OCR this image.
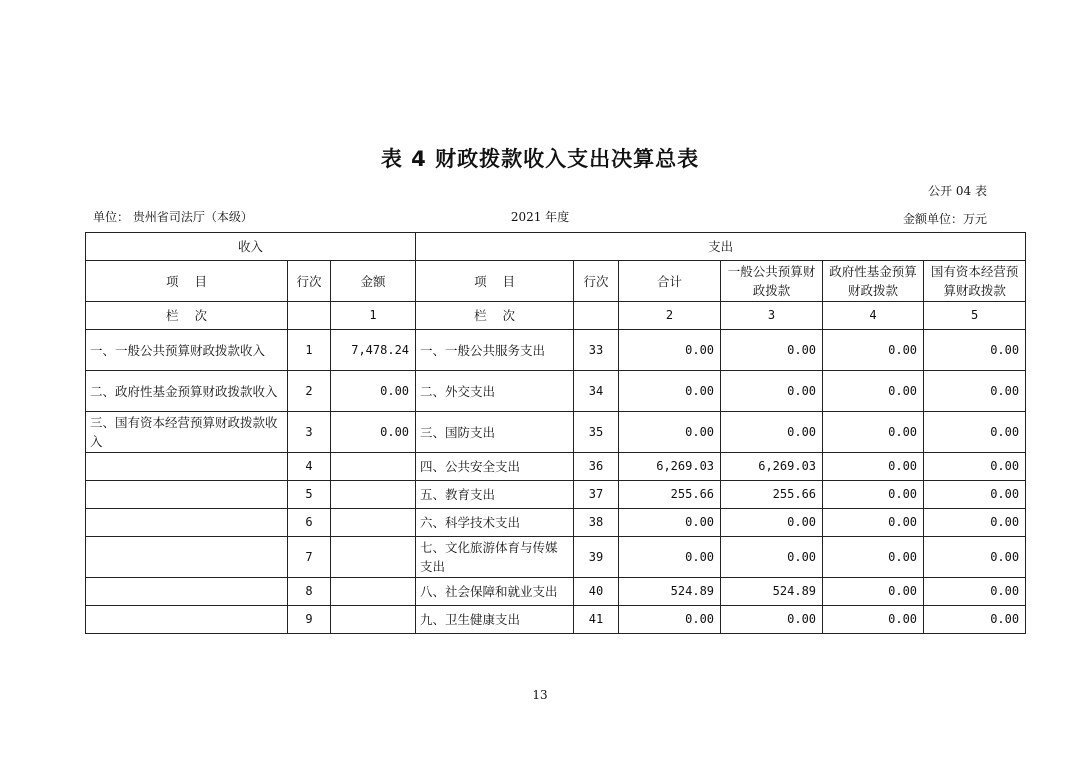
表 4 财政拨款收入支出决算总表
公开 04 表
单位： 贵州省司法厅（本级）	2021 年度	金额单位：万元
收入			支出					
项    目	行次	金额	项    目	行次	合计	一般公共预算财政拨款	政府性基金预算财政拨款	国有资本经营预算财政拨款
栏    次		1	栏    次		2	3	4	5
一、一般公共预算财政拨款收入	1	7,478.24	一、一般公共服务支出	33	0.00	0.00	0.00	0.00
二、政府性基金预算财政拨款收入	2	0.00	二、外交支出	34	0.00	0.00	0.00	0.00
三、国有资本经营预算财政拨款收入	3	0.00	三、国防支出	35	0.00	0.00	0.00	0.00
	4		四、公共安全支出	36	6,269.03	6,269.03	0.00	0.00
	5		五、教育支出	37	255.66	255.66	0.00	0.00
	6		六、科学技术支出	38	0.00	0.00	0.00	0.00
	7		七、文化旅游体育与传媒支出	39	0.00	0.00	0.00	0.00
	8		八、社会保障和就业支出	40	524.89	524.89	0.00	0.00
	9		九、卫生健康支出	41	0.00	0.00	0.00	0.00
13
